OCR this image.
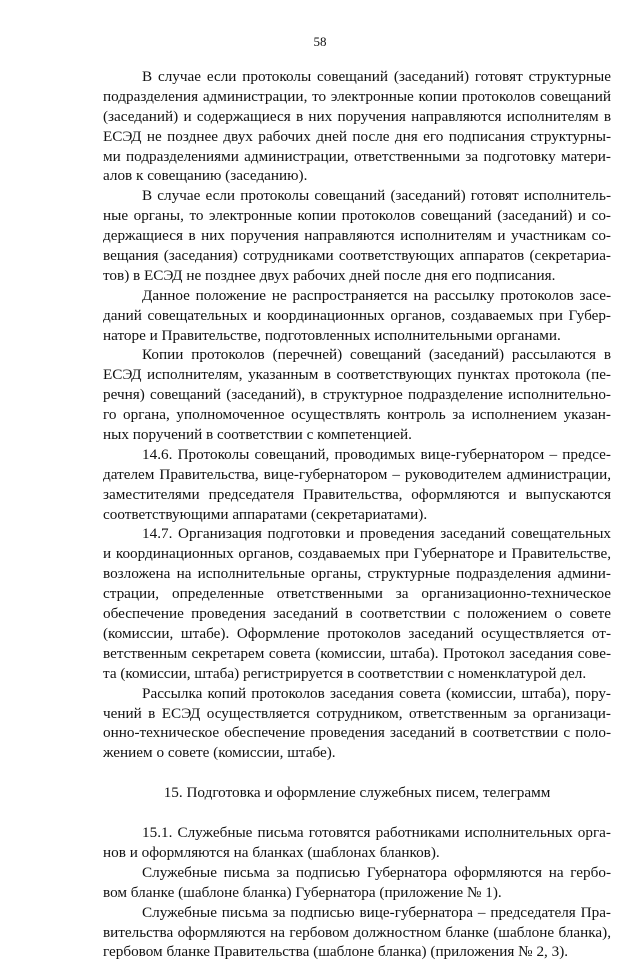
58
В случае если протоколы совещаний (заседаний) готовят структурные
подразделения администрации, то электронные копии протоколов совещаний
(заседаний) и содержащиеся в них поручения направляются исполнителям в
ЕСЭД не позднее двух рабочих дней после дня его подписания структурны-
ми подразделениями администрации, ответственными за подготовку матери-
алов к совещанию (заседанию).
В случае если протоколы совещаний (заседаний) готовят исполнитель-
ные органы, то электронные копии протоколов совещаний (заседаний) и со-
держащиеся в них поручения направляются исполнителям и участникам со-
вещания (заседания) сотрудниками соответствующих аппаратов (секретариа-
тов) в ЕСЭД не позднее двух рабочих дней после дня его подписания.
Данное положение не распространяется на рассылку протоколов засе-
даний совещательных и координационных органов, создаваемых при Губер-
наторе и Правительстве, подготовленных исполнительными органами.
Копии протоколов (перечней) совещаний (заседаний) рассылаются в
ЕСЭД исполнителям, указанным в соответствующих пунктах протокола (пе-
речня) совещаний (заседаний), в структурное подразделение исполнительно-
го органа, уполномоченное осуществлять контроль за исполнением указан-
ных поручений в соответствии с компетенцией.
14.6. Протоколы совещаний, проводимых вице-губернатором – предсе-
дателем Правительства, вице-губернатором – руководителем администрации,
заместителями председателя Правительства, оформляются и выпускаются
соответствующими аппаратами (секретариатами).
14.7. Организация подготовки и проведения заседаний совещательных
и координационных органов, создаваемых при Губернаторе и Правительстве,
возложена на исполнительные органы, структурные подразделения админи-
страции, определенные ответственными за организационно-техническое
обеспечение проведения заседаний в соответствии с положением о совете
(комиссии, штабе). Оформление протоколов заседаний осуществляется от-
ветственным секретарем совета (комиссии, штаба). Протокол заседания сове-
та (комиссии, штаба) регистрируется в соответствии с номенклатурой дел.
Рассылка копий протоколов заседания совета (комиссии, штаба), пору-
чений в ЕСЭД осуществляется сотрудником, ответственным за организаци-
онно-техническое обеспечение проведения заседаний в соответствии с поло-
жением о совете (комиссии, штабе).
15. Подготовка и оформление служебных писем, телеграмм
15.1. Служебные письма готовятся работниками исполнительных орга-
нов и оформляются на бланках (шаблонах бланков).
Служебные письма за подписью Губернатора оформляются на гербо-
вом бланке (шаблоне бланка) Губернатора (приложение № 1).
Служебные письма за подписью вице-губернатора – председателя Пра-
вительства оформляются на гербовом должностном бланке (шаблоне бланка),
гербовом бланке Правительства (шаблоне бланка) (приложения № 2, 3).
